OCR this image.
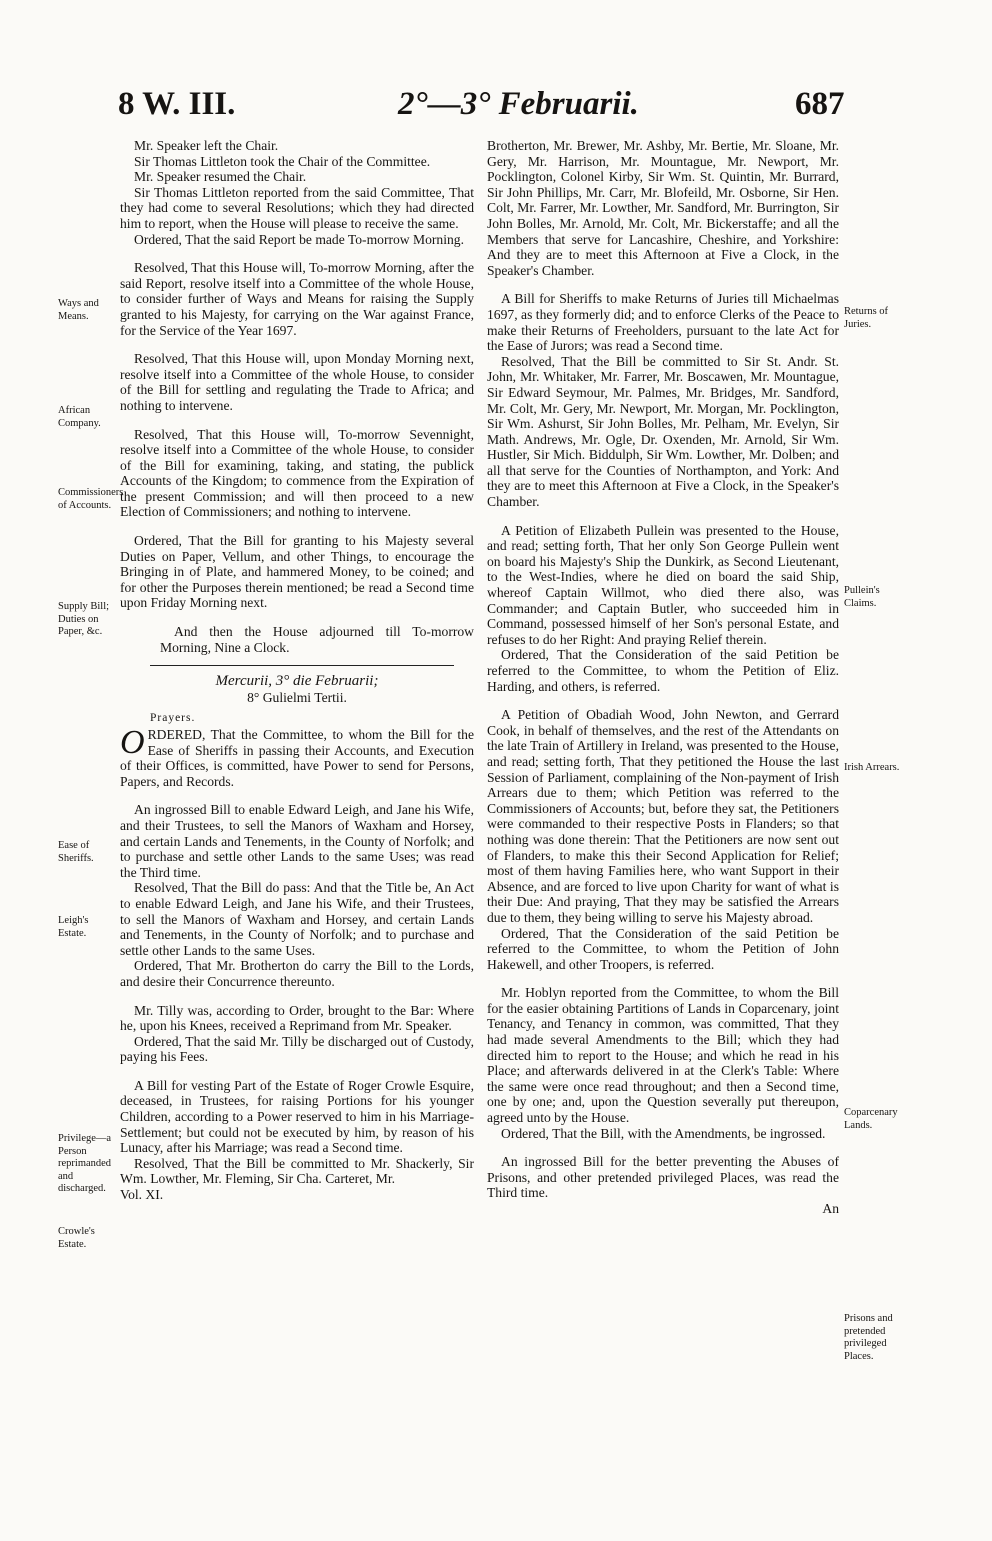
8 W. III.	2°—3° Februarii.	687
Ways and Means.
African Company.
Commissioners of Accounts.
Supply Bill; Duties on Paper, &c.
Ease of Sheriffs.
Leigh's Estate.
Privilege—a Person reprimanded and discharged.
Crowle's Estate.
Returns of Juries.
Pullein's Claims.
Irish Arrears.
Coparcenary Lands.
Prisons and pretended privileged Places.

Mr. Speaker left the Chair.

Sir Thomas Littleton took the Chair of the Committee.

Mr. Speaker resumed the Chair.

Sir Thomas Littleton reported from the said Committee, That they had come to several Resolutions; which they had directed him to report, when the House will please to receive the same.

Ordered, That the said Report be made To-morrow Morning.

Resolved, That this House will, To-morrow Morning, after the said Report, resolve itself into a Committee of the whole House, to consider further of Ways and Means for raising the Supply granted to his Majesty, for carrying on the War against France, for the Service of the Year 1697.

Resolved, That this House will, upon Monday Morning next, resolve itself into a Committee of the whole House, to consider of the Bill for settling and regulating the Trade to Africa; and nothing to intervene.

Resolved, That this House will, To-morrow Sevennight, resolve itself into a Committee of the whole House, to consider of the Bill for examining, taking, and stating, the publick Accounts of the Kingdom; to commence from the Expiration of the present Commission; and will then proceed to a new Election of Commissioners; and nothing to intervene.

Ordered, That the Bill for granting to his Majesty several Duties on Paper, Vellum, and other Things, to encourage the Bringing in of Plate, and hammered Money, to be coined; and for other the Purposes therein mentioned; be read a Second time upon Friday Morning next.

And then the House adjourned till To-morrow Morning, Nine a Clock.

Mercurii, 3° die Februarii;

8° Gulielmi Tertii.

Prayers.

ORDERED, That the Committee, to whom the Bill for the Ease of Sheriffs in passing their Accounts, and Execution of their Offices, is committed, have Power to send for Persons, Papers, and Records.

An ingrossed Bill to enable Edward Leigh, and Jane his Wife, and their Trustees, to sell the Manors of Waxham and Horsey, and certain Lands and Tenements, in the County of Norfolk; and to purchase and settle other Lands to the same Uses; was read the Third time.

Resolved, That the Bill do pass: And that the Title be, An Act to enable Edward Leigh, and Jane his Wife, and their Trustees, to sell the Manors of Waxham and Horsey, and certain Lands and Tenements, in the County of Norfolk; and to purchase and settle other Lands to the same Uses.

Ordered, That Mr. Brotherton do carry the Bill to the Lords, and desire their Concurrence thereunto.

Mr. Tilly was, according to Order, brought to the Bar: Where he, upon his Knees, received a Reprimand from Mr. Speaker.

Ordered, That the said Mr. Tilly be discharged out of Custody, paying his Fees.

A Bill for vesting Part of the Estate of Roger Crowle Esquire, deceased, in Trustees, for raising Portions for his younger Children, according to a Power reserved to him in his Marriage-Settlement; but could not be executed by him, by reason of his Lunacy, after his Marriage; was read a Second time.

Resolved, That the Bill be committed to Mr. Shackerly, Sir Wm. Lowther, Mr. Fleming, Sir Cha. Carteret, Mr.

Vol. XI.

Brotherton, Mr. Brewer, Mr. Ashby, Mr. Bertie, Mr. Sloane, Mr. Gery, Mr. Harrison, Mr. Mountague, Mr. Newport, Mr. Pocklington, Colonel Kirby, Sir Wm. St. Quintin, Mr. Burrard, Sir John Phillips, Mr. Carr, Mr. Blofeild, Mr. Osborne, Sir Hen. Colt, Mr. Farrer, Mr. Lowther, Mr. Sandford, Mr. Burrington, Sir John Bolles, Mr. Arnold, Mr. Colt, Mr. Bickerstaffe; and all the Members that serve for Lancashire, Cheshire, and Yorkshire: And they are to meet this Afternoon at Five a Clock, in the Speaker's Chamber.

A Bill for Sheriffs to make Returns of Juries till Michaelmas 1697, as they formerly did; and to enforce Clerks of the Peace to make their Returns of Freeholders, pursuant to the late Act for the Ease of Jurors; was read a Second time.

Resolved, That the Bill be committed to Sir St. Andr. St. John, Mr. Whitaker, Mr. Farrer, Mr. Boscawen, Mr. Mountague, Sir Edward Seymour, Mr. Palmes, Mr. Bridges, Mr. Sandford, Mr. Colt, Mr. Gery, Mr. Newport, Mr. Morgan, Mr. Pocklington, Sir Wm. Ashurst, Sir John Bolles, Mr. Pelham, Mr. Evelyn, Sir Math. Andrews, Mr. Ogle, Dr. Oxenden, Mr. Arnold, Sir Wm. Hustler, Sir Mich. Biddulph, Sir Wm. Lowther, Mr. Dolben; and all that serve for the Counties of Northampton, and York: And they are to meet this Afternoon at Five a Clock, in the Speaker's Chamber.

A Petition of Elizabeth Pullein was presented to the House, and read; setting forth, That her only Son George Pullein went on board his Majesty's Ship the Dunkirk, as Second Lieutenant, to the West-Indies, where he died on board the said Ship, whereof Captain Willmot, who died there also, was Commander; and Captain Butler, who succeeded him in Command, possessed himself of her Son's personal Estate, and refuses to do her Right: And praying Relief therein.

Ordered, That the Consideration of the said Petition be referred to the Committee, to whom the Petition of Eliz. Harding, and others, is referred.

A Petition of Obadiah Wood, John Newton, and Gerrard Cook, in behalf of themselves, and the rest of the Attendants on the late Train of Artillery in Ireland, was presented to the House, and read; setting forth, That they petitioned the House the last Session of Parliament, complaining of the Non-payment of Irish Arrears due to them; which Petition was referred to the Commissioners of Accounts; but, before they sat, the Petitioners were commanded to their respective Posts in Flanders; so that nothing was done therein: That the Petitioners are now sent out of Flanders, to make this their Second Application for Relief; most of them having Families here, who want Support in their Absence, and are forced to live upon Charity for want of what is their Due: And praying, That they may be satisfied the Arrears due to them, they being willing to serve his Majesty abroad.

Ordered, That the Consideration of the said Petition be referred to the Committee, to whom the Petition of John Hakewell, and other Troopers, is referred.

Mr. Hoblyn reported from the Committee, to whom the Bill for the easier obtaining Partitions of Lands in Coparcenary, joint Tenancy, and Tenancy in common, was committed, That they had made several Amendments to the Bill; which they had directed him to report to the House; and which he read in his Place; and afterwards delivered in at the Clerk's Table: Where the same were once read throughout; and then a Second time, one by one; and, upon the Question severally put thereupon, agreed unto by the House.

Ordered, That the Bill, with the Amendments, be ingrossed.

An ingrossed Bill for the better preventing the Abuses of Prisons, and other pretended privileged Places, was read the Third time.

An
